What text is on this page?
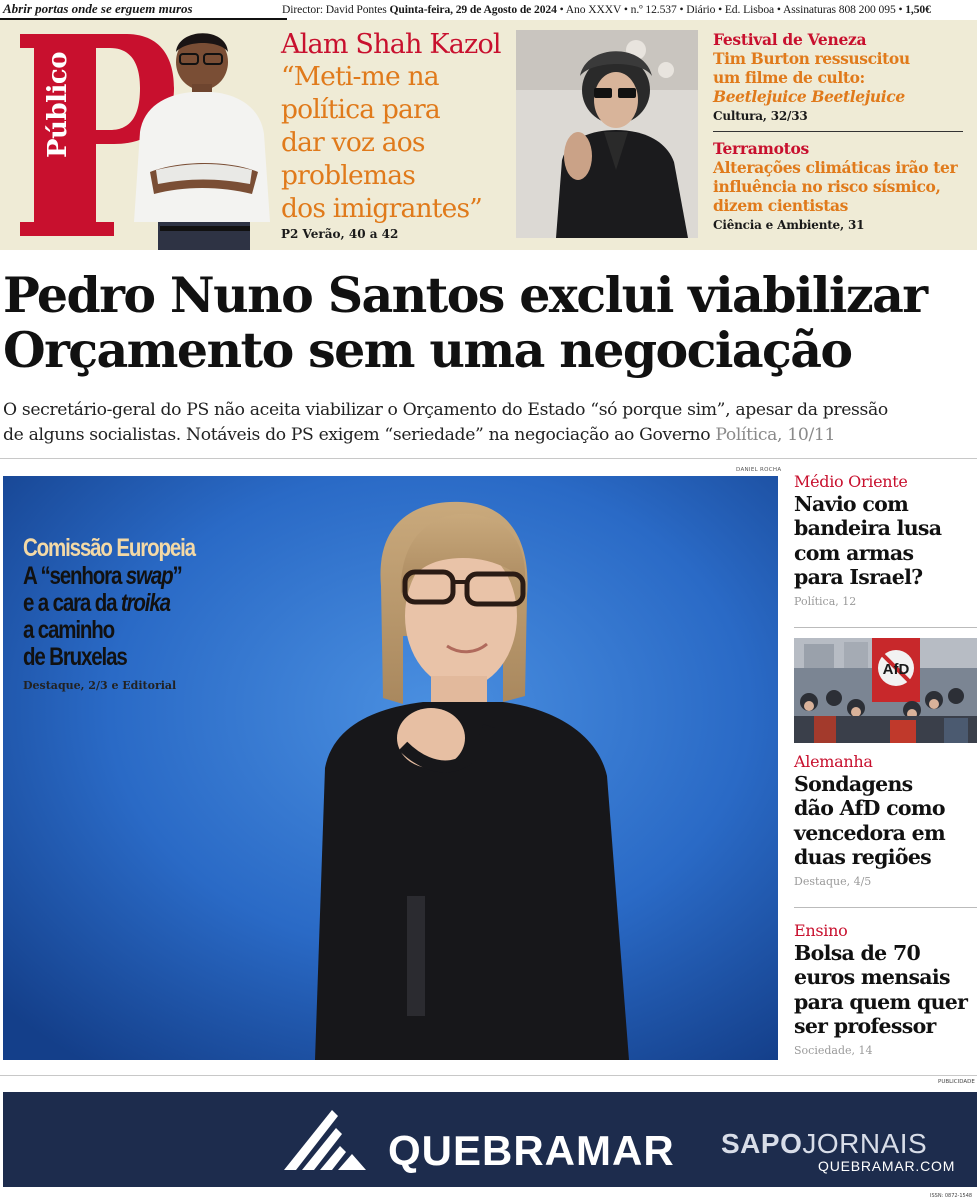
Abrir portas onde se erguem muros	Director: David Pontes Quinta-feira, 29 de Agosto de 2024 • Ano XXXV • n.º 12.537 • Diário • Ed. Lisboa • Assinaturas 808 200 095 • 1,50€
Público
Alam Shah Kazol
“Meti-me na
política para
dar voz aos
problemas
dos imigrantes”
P2 Verão, 40 a 42
Festival de Veneza
Tim Burton ressuscitou
um filme de culto:
Beetlejuice Beetlejuice
Cultura, 32/33
Terramotos
Alterações climáticas irão ter
influência no risco sísmico,
dizem cientistas
Ciência e Ambiente, 31
Pedro Nuno Santos exclui viabilizar
Orçamento sem uma negociação
O secretário-geral do PS não aceita viabilizar o Orçamento do Estado “só porque sim”, apesar da pressão
de alguns socialistas. Notáveis do PS exigem “seriedade” na negociação ao Governo Política, 10/11
DANIEL ROCHA
Comissão Europeia
A “senhora swap”
e a cara da troika
a caminho
de Bruxelas
Destaque, 2/3 e Editorial
Médio Oriente
Navio com
bandeira lusa
com armas
para Israel?
Política, 12
AfD
Alemanha
Sondagens
dão AfD como
vencedora em
duas regiões
Destaque, 4/5
Ensino
Bolsa de 70
euros mensais
para quem quer
ser professor
Sociedade, 14
PUBLICIDADE
QUEBRAMAR SAPOJORNAIS
QUEBRAMAR.COM
ISSN: 0872-1548
